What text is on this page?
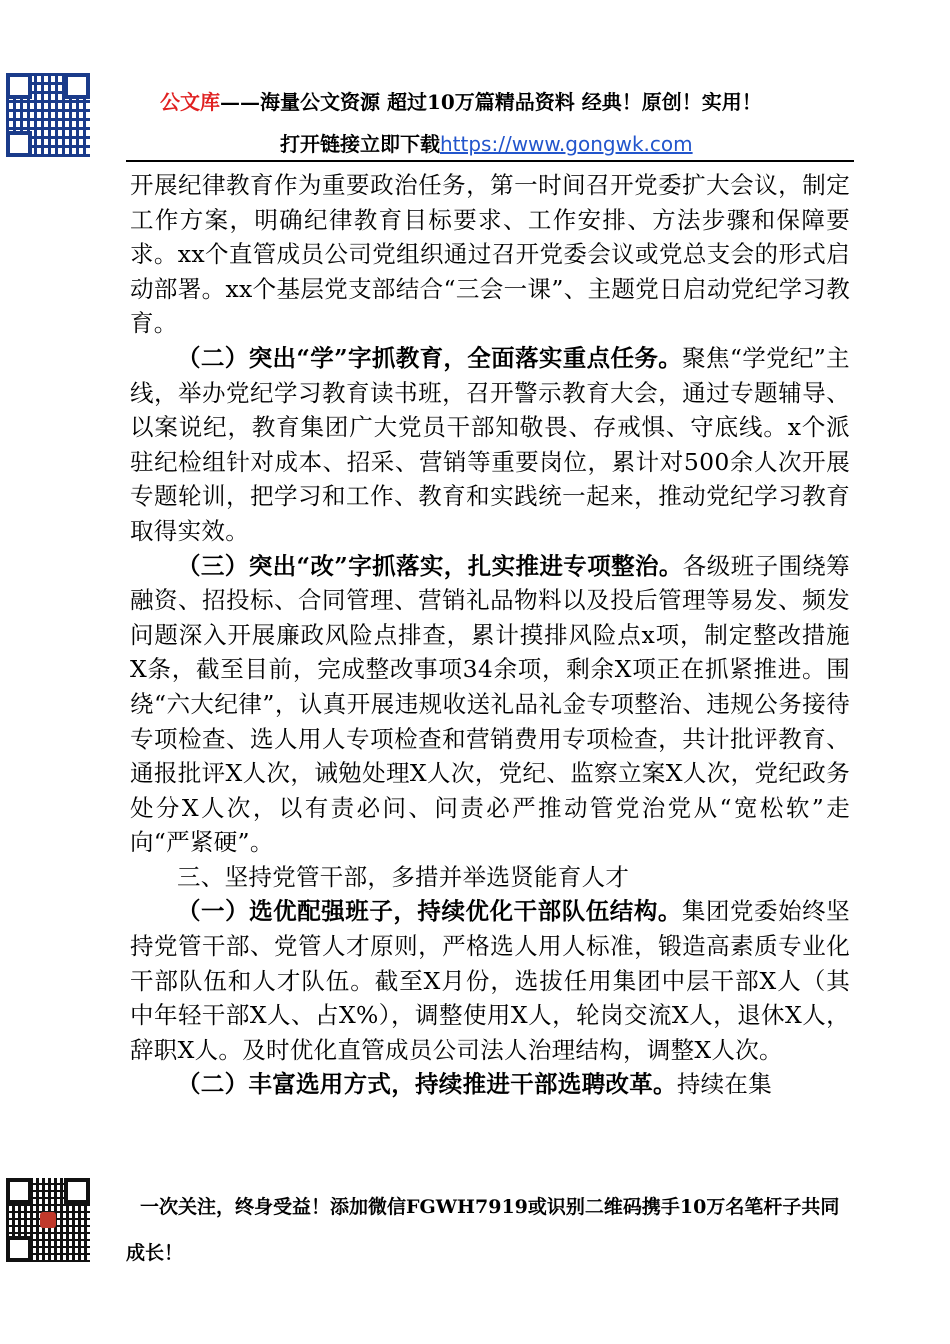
公文库——海量公文资源 超过10万篇精品资料 经典！原创！实用！
打开链接立即下载https://www.gongwk.com

开展纪律教育作为重要政治任务，第一时间召开党委扩大会议，制定工作方案，明确纪律教育目标要求、工作安排、方法步骤和保障要求。xx个直管成员公司党组织通过召开党委会议或党总支会的形式启动部署。xx个基层党支部结合“三会一课”、主题党日启动党纪学习教育。

（二）突出“学”字抓教育，全面落实重点任务。聚焦“学党纪”主线，举办党纪学习教育读书班，召开警示教育大会，通过专题辅导、以案说纪，教育集团广大党员干部知敬畏、存戒惧、守底线。x个派驻纪检组针对成本、招采、营销等重要岗位，累计对500余人次开展专题轮训，把学习和工作、教育和实践统一起来，推动党纪学习教育取得实效。

（三）突出“改”字抓落实，扎实推进专项整治。各级班子围绕筹融资、招投标、合同管理、营销礼品物料以及投后管理等易发、频发问题深入开展廉政风险点排查，累计摸排风险点x项，制定整改措施X条，截至目前，完成整改事项34余项，剩余X项正在抓紧推进。围绕“六大纪律”，认真开展违规收送礼品礼金专项整治、违规公务接待专项检查、选人用人专项检查和营销费用专项检查，共计批评教育、通报批评X人次，诫勉处理X人次，党纪、监察立案X人次，党纪政务处分X人次，以有责必问、问责必严推动管党治党从“宽松软”走向“严紧硬”。

三、坚持党管干部，多措并举选贤能育人才

（一）选优配强班子，持续优化干部队伍结构。集团党委始终坚持党管干部、党管人才原则，严格选人用人标准，锻造高素质专业化干部队伍和人才队伍。截至X月份，选拔任用集团中层干部X人（其中年轻干部X人、占X%），调整使用X人，轮岗交流X人，退休X人，辞职X人。及时优化直管成员公司法人治理结构，调整X人次。

（二）丰富选用方式，持续推进干部选聘改革。持续在集

一次关注，终身受益！添加微信FGWH7919或识别二维码携手10万名笔杆子共同
成长！
